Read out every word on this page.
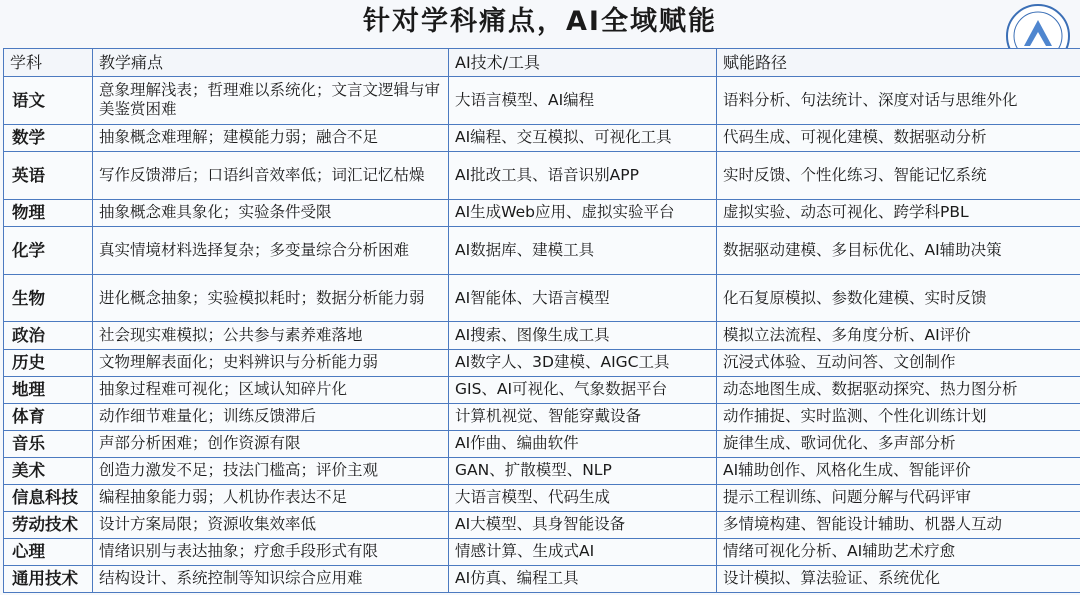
针对学科痛点，AI全域赋能
学科	教学痛点	AI技术/工具	赋能路径
语文	意象理解浅表；哲理难以系统化；文言文逻辑与审美鉴赏困难	大语言模型、AI编程	语料分析、句法统计、深度对话与思维外化
数学	抽象概念难理解；建模能力弱；融合不足	AI编程、交互模拟、可视化工具	代码生成、可视化建模、数据驱动分析
英语	写作反馈滞后；口语纠音效率低；词汇记忆枯燥	AI批改工具、语音识别APP	实时反馈、个性化练习、智能记忆系统
物理	抽象概念难具象化；实验条件受限	AI生成Web应用、虚拟实验平台	虚拟实验、动态可视化、跨学科PBL
化学	真实情境材料选择复杂；多变量综合分析困难	AI数据库、建模工具	数据驱动建模、多目标优化、AI辅助决策
生物	进化概念抽象；实验模拟耗时；数据分析能力弱	AI智能体、大语言模型	化石复原模拟、参数化建模、实时反馈
政治	社会现实难模拟；公共参与素养难落地	AI搜索、图像生成工具	模拟立法流程、多角度分析、AI评价
历史	文物理解表面化；史料辨识与分析能力弱	AI数字人、3D建模、AIGC工具	沉浸式体验、互动问答、文创制作
地理	抽象过程难可视化；区域认知碎片化	GIS、AI可视化、气象数据平台	动态地图生成、数据驱动探究、热力图分析
体育	动作细节难量化；训练反馈滞后	计算机视觉、智能穿戴设备	动作捕捉、实时监测、个性化训练计划
音乐	声部分析困难；创作资源有限	AI作曲、编曲软件	旋律生成、歌词优化、多声部分析
美术	创造力激发不足；技法门槛高；评价主观	GAN、扩散模型、NLP	AI辅助创作、风格化生成、智能评价
信息科技	编程抽象能力弱；人机协作表达不足	大语言模型、代码生成	提示工程训练、问题分解与代码评审
劳动技术	设计方案局限；资源收集效率低	AI大模型、具身智能设备	多情境构建、智能设计辅助、机器人互动
心理	情绪识别与表达抽象；疗愈手段形式有限	情感计算、生成式AI	情绪可视化分析、AI辅助艺术疗愈
通用技术	结构设计、系统控制等知识综合应用难	AI仿真、编程工具	设计模拟、算法验证、系统优化
